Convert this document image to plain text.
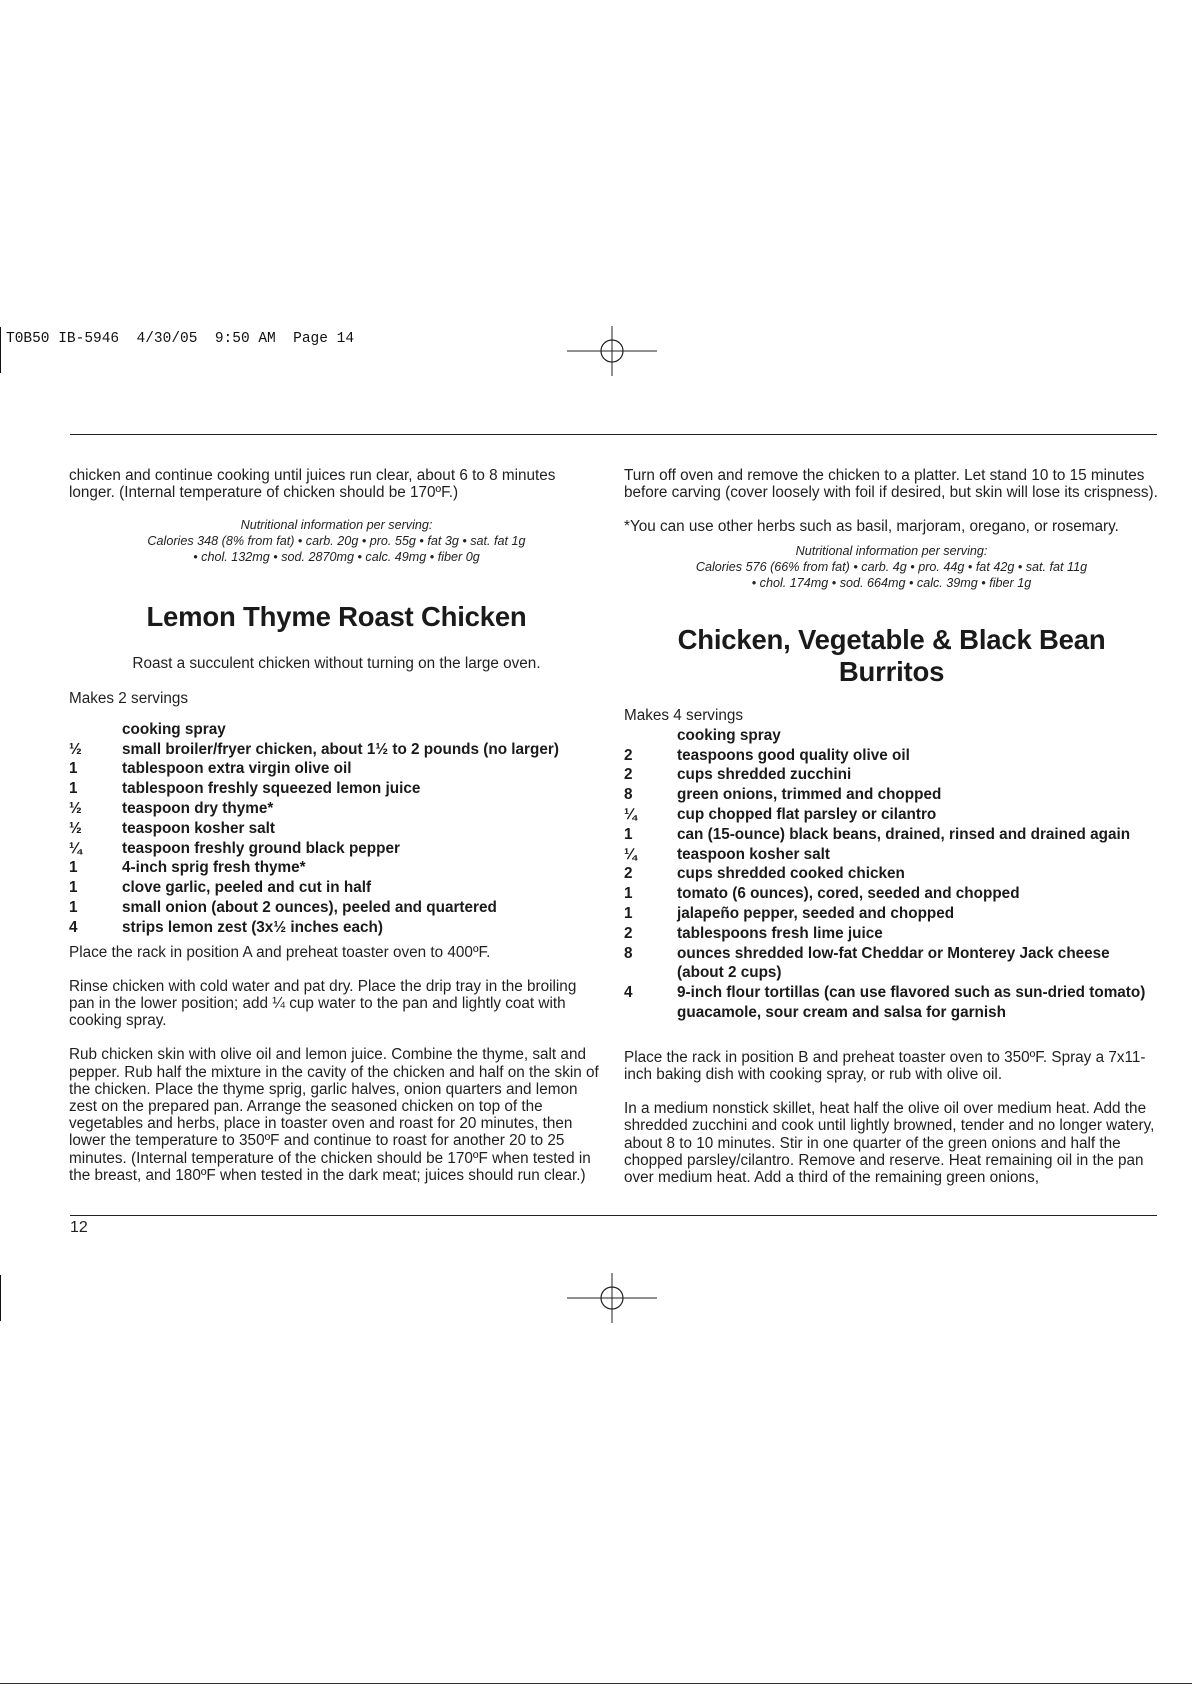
T0B50 IB-5946  4/30/05  9:50 AM  Page 14
12

chicken and continue cooking until juices run clear, about 6 to 8 minutes longer. (Internal temperature of chicken should be 170ºF.)

Nutritional information per serving:
Calories 348 (8% from fat) • carb. 20g • pro. 55g • fat 3g • sat. fat 1g
• chol. 132mg • sod. 2870mg • calc. 49mg • fiber 0g
Lemon Thyme Roast Chicken

Roast a succulent chicken without turning on the large oven.

Makes 2 servings

cooking spray
½	small broiler/fryer chicken, about 1½ to 2 pounds (no larger)
1	tablespoon extra virgin olive oil
1	tablespoon freshly squeezed lemon juice
½	teaspoon dry thyme*
½	teaspoon kosher salt
¼	teaspoon freshly ground black pepper
1	4-inch sprig fresh thyme*
1	clove garlic, peeled and cut in half
1	small onion (about 2 ounces), peeled and quartered
4	strips lemon zest (3x½ inches each)

Place the rack in position A and preheat toaster oven to 400ºF.

Rinse chicken with cold water and pat dry. Place the drip tray in the broiling pan in the lower position; add ¼ cup water to the pan and lightly coat with cooking spray.

Rub chicken skin with olive oil and lemon juice. Combine the thyme, salt and pepper. Rub half the mixture in the cavity of the chicken and half on the skin of the chicken. Place the thyme sprig, garlic halves, onion quarters and lemon zest on the prepared pan. Arrange the seasoned chicken on top of the vegetables and herbs, place in toaster oven and roast for 20 minutes, then lower the temperature to 350ºF and continue to roast for another 20 to 25 minutes. (Internal temperature of the chicken should be 170ºF when tested in the breast, and 180ºF when tested in the dark meat; juices should run clear.)

Turn off oven and remove the chicken to a platter. Let stand 10 to 15 minutes before carving (cover loosely with foil if desired, but skin will lose its crispness).

*You can use other herbs such as basil, marjoram, oregano, or rosemary.

Nutritional information per serving:
Calories 576 (66% from fat) • carb. 4g • pro. 44g • fat 42g • sat. fat 11g
• chol. 174mg • sod. 664mg • calc. 39mg • fiber 1g
Chicken, Vegetable & Black Bean Burritos

Makes 4 servings

cooking spray
2	teaspoons good quality olive oil
2	cups shredded zucchini
8	green onions, trimmed and chopped
¼	cup chopped flat parsley or cilantro
1	can (15-ounce) black beans, drained, rinsed and drained again
¼	teaspoon kosher salt
2	cups shredded cooked chicken
1	tomato (6 ounces), cored, seeded and chopped
1	jalapeño pepper, seeded and chopped
2	tablespoons fresh lime juice
8	ounces shredded low-fat Cheddar or Monterey Jack cheese (about 2 cups)
4	9-inch flour tortillas (can use flavored such as sun-dried tomato)
guacamole, sour cream and salsa for garnish

Place the rack in position B and preheat toaster oven to 350ºF. Spray a 7x11-inch baking dish with cooking spray, or rub with olive oil.

In a medium nonstick skillet, heat half the olive oil over medium heat. Add the shredded zucchini and cook until lightly browned, tender and no longer watery, about 8 to 10 minutes. Stir in one quarter of the green onions and half the chopped parsley/cilantro. Remove and reserve. Heat remaining oil in the pan over medium heat. Add a third of the remaining green onions,
